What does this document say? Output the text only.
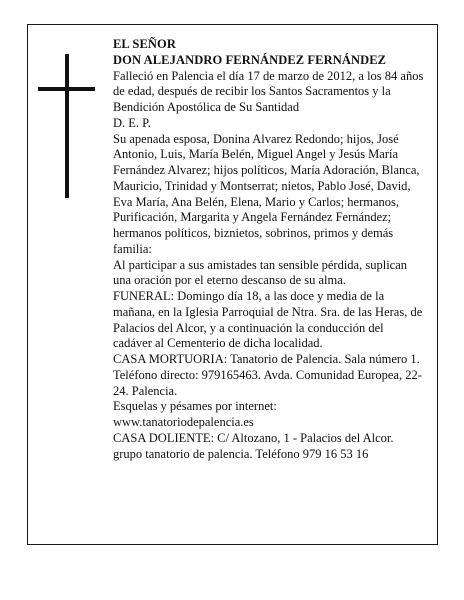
EL SEÑOR

DON ALEJANDRO FERNÁNDEZ FERNÁNDEZ

Falleció en Palencia el día 17 de marzo de 2012, a los 84 años de edad, después de recibir los Santos Sacramentos y la Bendición Apostólica de Su Santidad

D. E. P.

Su apenada esposa, Donina Alvarez Redondo; hijos, José Antonio, Luis, María Belén, Miguel Angel y Jesús María Fernández Alvarez; hijos políticos, María Adoración, Blanca, Mauricio, Trinidad y Montserrat; nietos, Pablo José, David, Eva María, Ana Belén, Elena, Mario y Carlos; hermanos, Purificación, Margarita y Angela Fernández Fernández; hermanos políticos, biznietos, sobrinos, primos y demás familia:

Al participar a sus amistades tan sensible pérdida, suplican una oración por el eterno descanso de su alma.

FUNERAL: Domingo día 18, a las doce y media de la mañana, en la Iglesia Parroquial de Ntra. Sra. de las Heras, de Palacios del Alcor, y a continuación la conducción del cadáver al Cementerio de dicha localidad.

CASA MORTUORIA: Tanatorio de Palencia. Sala número 1. Teléfono directo: 979165463. Avda. Comunidad Europea, 22-24. Palencia.

Esquelas y pésames por internet:

www.tanatoriodepalencia.es

CASA DOLIENTE: C/ Altozano, 1 - Palacios del Alcor.

grupo tanatorio de palencia. Teléfono 979 16 53 16
